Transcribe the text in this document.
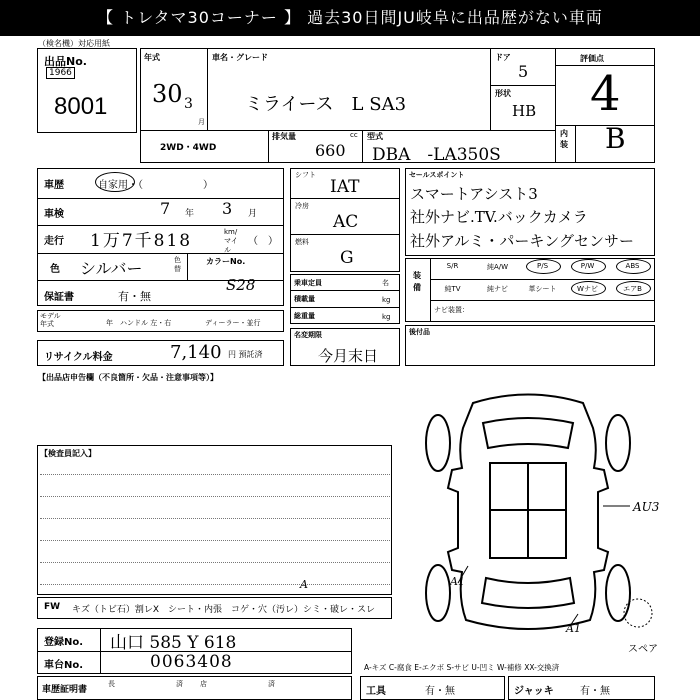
【 トレタマ30コーナー 】 過去30日間JU岐阜に出品歴がない車両
（検名機）対応用紙
出品No.
1966
8001
年式
30 3
月
車名・グレード
ミライース　L SA3
ドア
5
形状
HB
評価点
4
内装 B
2WD・4WD
排気量	cc
660
型式
DBA　-LA350S
車歴	自家用・（　　　　　　）
車検	7 年 3 月
走行 1万7千818	km/マイル
（　）
色 シルバー	色替
カラーNo.
S28
保証書	有・無
モデル年式	年 ハンドル 左・右	ディーラー・並行
リサイクル料金	7,140 円 預託済
シフト
IAT
冷房
AC
燃料
G
乗車定員	名
積載量	kg
総重量	kg
名変期限
今月末日
セールスポイント
スマートアシスト3
社外ナビ.TV.バックカメラ
社外アルミ・パーキングセンサー
装備
ナビ装置：
後付品
【出品店申告欄（不良箇所・欠品・注意事項等）】
【検査員記入】
AU3
A1
A1
スペア
FW キズ（トビ石）割レX　シート・内張　コゲ・穴（汚レ）シミ・破レ・スレ
A
登録No. 山口 585 Y 618
車台No.	0063408	A-キズ C-腐食 E-エクボ S-サビ U-凹ミ W-補修 XX-交換済
車歴証明書
長	済 店	済
工具	有・無	ジャッキ	有・無
S/R	純A/W	P/S	P/W	ABS
純TV	純ナビ	革シート	Wナビ	エアB
